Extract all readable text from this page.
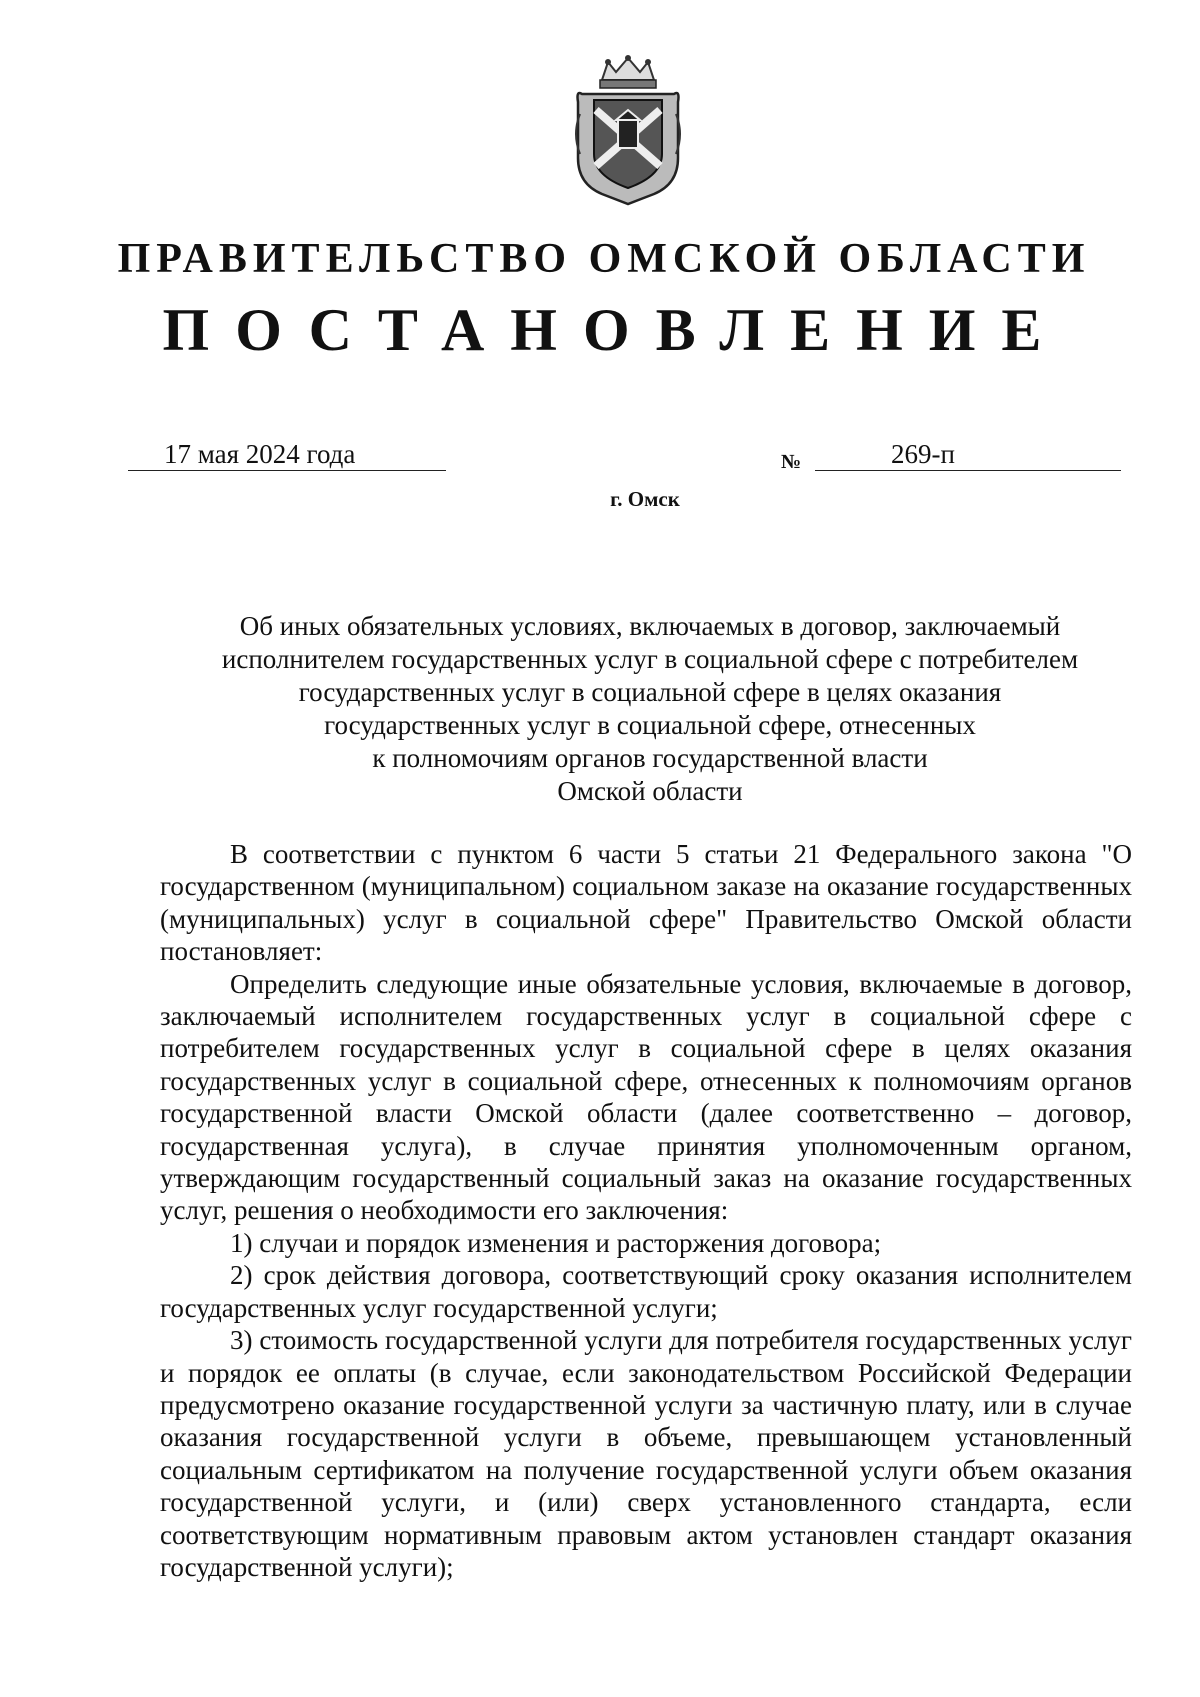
ПРАВИТЕЛЬСТВО ОМСКОЙ ОБЛАСТИ
ПОСТАНОВЛЕНИЕ
17 мая 2024 года	№	269-п
г. Омск
Об иных обязательных условиях, включаемых в договор, заключаемый
исполнителем государственных услуг в социальной сфере с потребителем
государственных услуг в социальной сфере в целях оказания
государственных услуг в социальной сфере, отнесенных
к полномочиям органов государственной власти
Омской области

В соответствии с пунктом 6 части 5 статьи 21 Федерального закона "О государственном (муниципальном) социальном заказе на оказание государственных (муниципальных) услуг в социальной сфере" Правительство Омской области постановляет:

Определить следующие иные обязательные условия, включаемые в договор, заключаемый исполнителем государственных услуг в социальной сфере с потребителем государственных услуг в социальной сфере в целях оказания государственных услуг в социальной сфере, отнесенных к полномочиям органов государственной власти Омской области (далее соответственно – договор, государственная услуга), в случае принятия уполномоченным органом, утверждающим государственный социальный заказ на оказание государственных услуг, решения о необходимости его заключения:

1) случаи и порядок изменения и расторжения договора;

2) срок действия договора, соответствующий сроку оказания исполнителем государственных услуг государственной услуги;

3) стоимость государственной услуги для потребителя государственных услуг и порядок ее оплаты (в случае, если законодательством Российской Федерации предусмотрено оказание государственной услуги за частичную плату, или в случае оказания государственной услуги в объеме, превышающем установленный социальным сертификатом на получение государственной услуги объем оказания государственной услуги, и (или) сверх установленного стандарта, если соответствующим нормативным правовым актом установлен стандарт оказания государственной услуги);
